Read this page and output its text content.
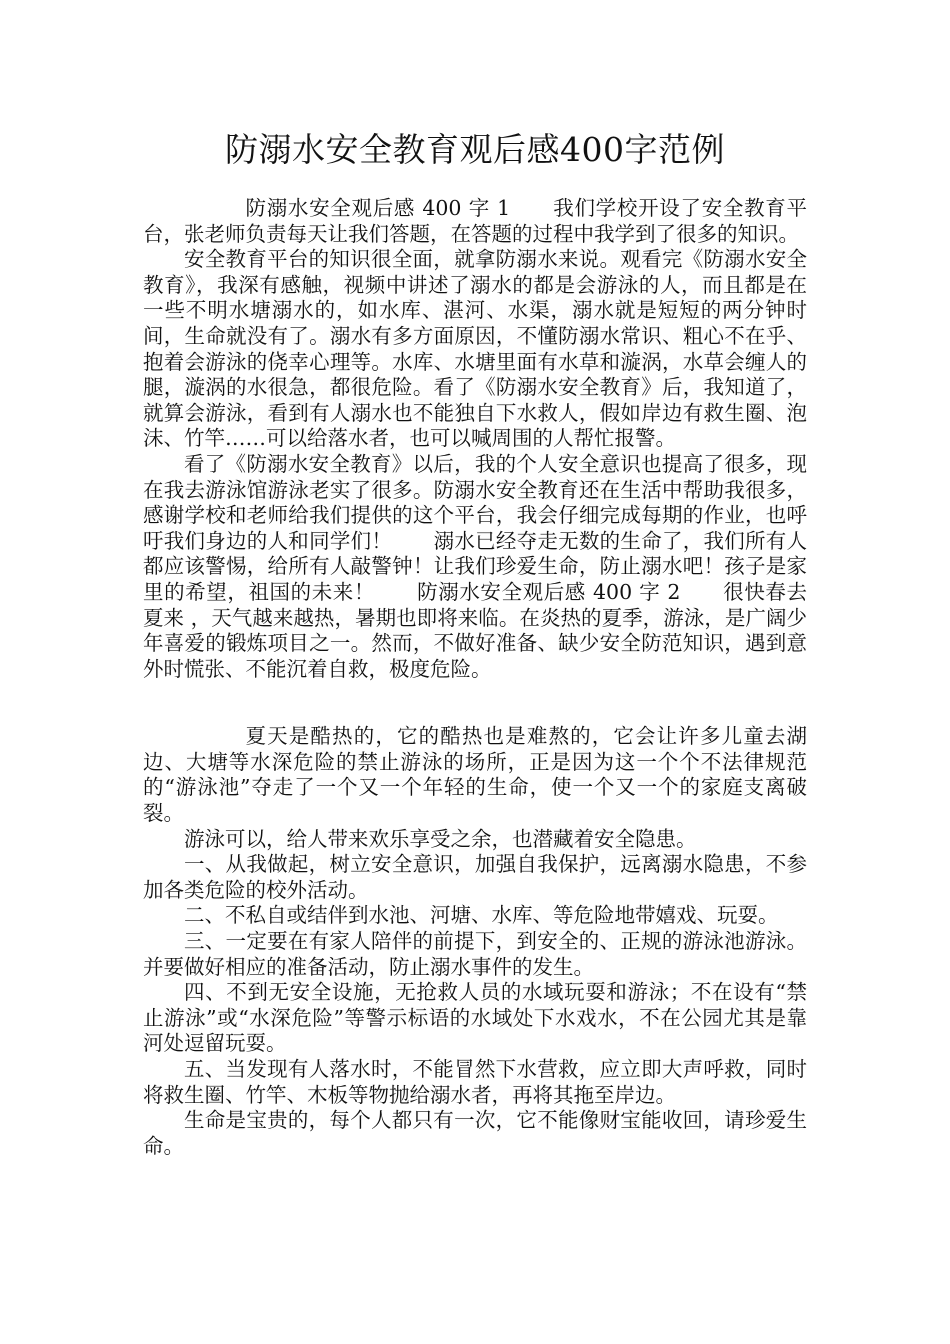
防溺水安全教育观后感400字范例

防溺水安全观后感 400 字 1　　我们学校开设了安全教育平台，张老师负责每天让我们答题，在答题的过程中我学到了很多的知识。

安全教育平台的知识很全面，就拿防溺水来说。观看完《防溺水安全教育》，我深有感触，视频中讲述了溺水的都是会游泳的人，而且都是在一些不明水塘溺水的，如水库、湛河、水渠，溺水就是短短的两分钟时间，生命就没有了。溺水有多方面原因，不懂防溺水常识、粗心不在乎、抱着会游泳的侥幸心理等。水库、水塘里面有水草和漩涡，水草会缠人的腿，漩涡的水很急，都很危险。看了《防溺水安全教育》后，我知道了，就算会游泳，看到有人溺水也不能独自下水救人，假如岸边有救生圈、泡沫、竹竿……可以给落水者，也可以喊周围的人帮忙报警。

看了《防溺水安全教育》以后，我的个人安全意识也提高了很多，现在我去游泳馆游泳老实了很多。防溺水安全教育还在生活中帮助我很多，感谢学校和老师给我们提供的这个平台，我会仔细完成每期的作业，也呼吁我们身边的人和同学们！　　溺水已经夺走无数的生命了，我们所有人都应该警惕，给所有人敲警钟！让我们珍爱生命，防止溺水吧！孩子是家里的希望，祖国的未来！　　防溺水安全观后感 400 字 2　　很快春去夏来 ，天气越来越热，暑期也即将来临。在炎热的夏季，游泳，是广阔少年喜爱的锻炼项目之一。然而，不做好准备、缺少安全防范知识，遇到意外时慌张、不能沉着自救，极度危险。

夏天是酷热的，它的酷热也是难熬的，它会让许多儿童去湖边、大塘等水深危险的禁止游泳的场所，正是因为这一个个不法律规范的“游泳池”夺走了一个又一个年轻的生命，使一个又一个的家庭支离破裂。

游泳可以，给人带来欢乐享受之余，也潜藏着安全隐患。

一、从我做起，树立安全意识，加强自我保护，远离溺水隐患，不参加各类危险的校外活动。

二、不私自或结伴到水池、河塘、水库、等危险地带嬉戏、玩耍。

三、一定要在有家人陪伴的前提下，到安全的、正规的游泳池游泳。并要做好相应的准备活动，防止溺水事件的发生。

四、不到无安全设施，无抢救人员的水域玩耍和游泳；不在设有“禁止游泳”或“水深危险”等警示标语的水域处下水戏水，不在公园尤其是靠河处逗留玩耍。

五、当发现有人落水时，不能冒然下水营救，应立即大声呼救，同时将救生圈、竹竿、木板等物抛给溺水者，再将其拖至岸边。

生命是宝贵的，每个人都只有一次，它不能像财宝能收回，请珍爱生命。
